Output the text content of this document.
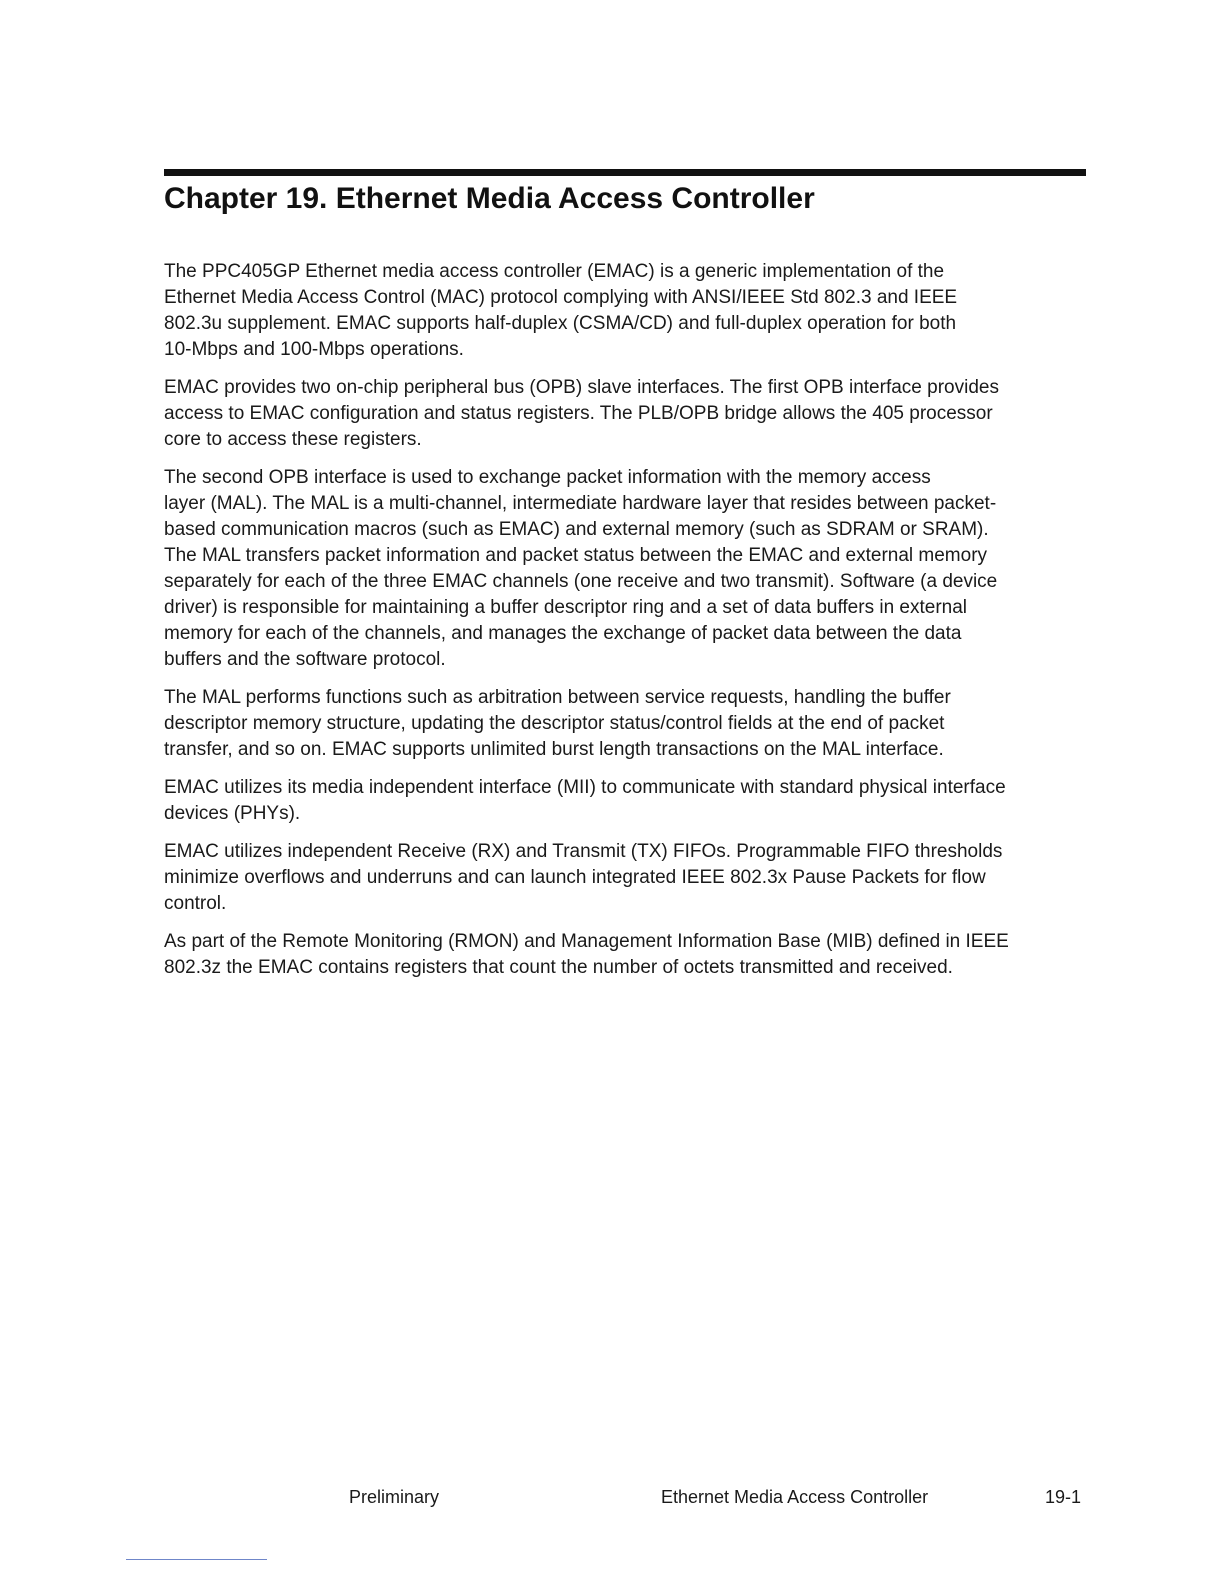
Chapter 19. Ethernet Media Access Controller

The PPC405GP Ethernet media access controller (EMAC) is a generic implementation of the
Ethernet Media Access Control (MAC) protocol complying with ANSI/IEEE Std 802.3 and IEEE
802.3u supplement. EMAC supports half-duplex (CSMA/CD) and full-duplex operation for both
10-Mbps and 100-Mbps operations.

EMAC provides two on-chip peripheral bus (OPB) slave interfaces. The first OPB interface provides
access to EMAC configuration and status registers. The PLB/OPB bridge allows the 405 processor
core to access these registers.

The second OPB interface is used to exchange packet information with the memory access
layer (MAL). The MAL is a multi-channel, intermediate hardware layer that resides between packet-
based communication macros (such as EMAC) and external memory (such as SDRAM or SRAM).
The MAL transfers packet information and packet status between the EMAC and external memory
separately for each of the three EMAC channels (one receive and two transmit). Software (a device
driver) is responsible for maintaining a buffer descriptor ring and a set of data buffers in external
memory for each of the channels, and manages the exchange of packet data between the data
buffers and the software protocol.

The MAL performs functions such as arbitration between service requests, handling the buffer
descriptor memory structure, updating the descriptor status/control fields at the end of packet
transfer, and so on. EMAC supports unlimited burst length transactions on the MAL interface.

EMAC utilizes its media independent interface (MII) to communicate with standard physical interface
devices (PHYs).

EMAC utilizes independent Receive (RX) and Transmit (TX) FIFOs. Programmable FIFO thresholds
minimize overflows and underruns and can launch integrated IEEE 802.3x Pause Packets for flow
control.

As part of the Remote Monitoring (RMON) and Management Information Base (MIB) defined in IEEE
802.3z the EMAC contains registers that count the number of octets transmitted and received.

Preliminary	Ethernet Media Access Controller	19-1
